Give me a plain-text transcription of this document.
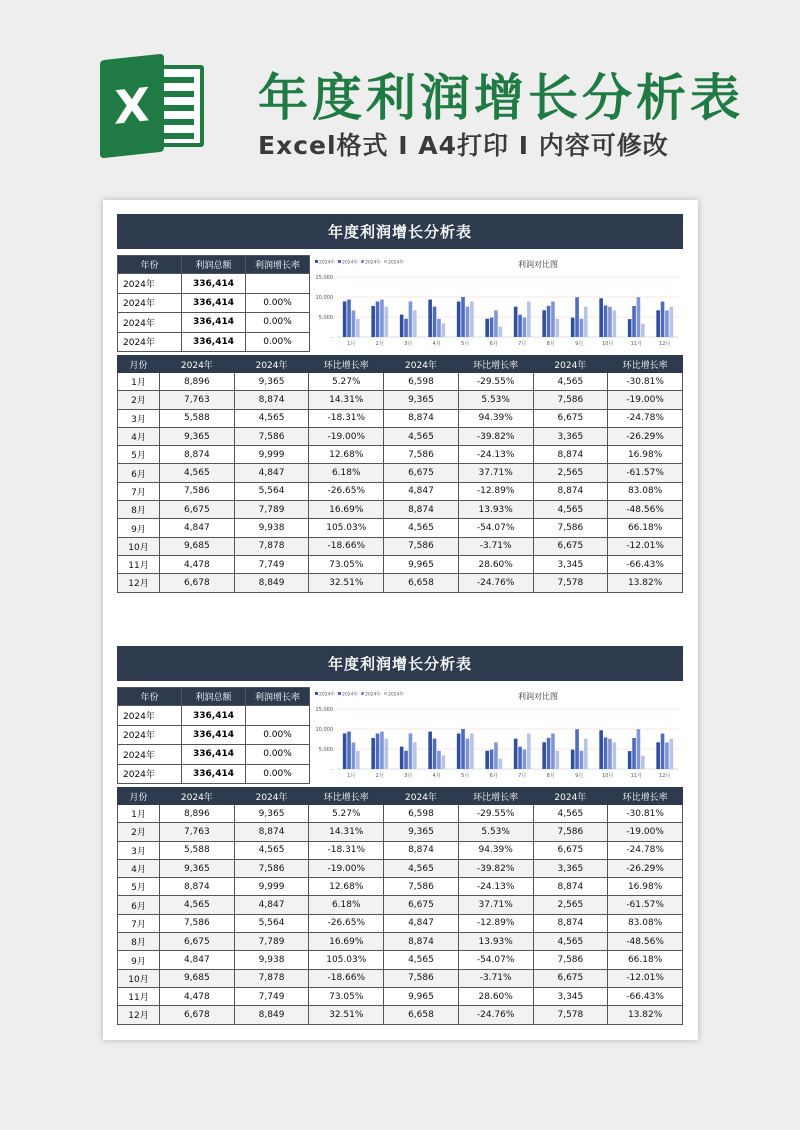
X 年度利润增长分析表
Excel格式 I A4打印 I 内容可修改
年度利润增长分析表
年份	利润总额	利润增长率
2024年	336,414	
2024年	336,414	0.00%
2024年	336,414	0.00%
2024年	336,414	0.00%
利润对比图
2024年 2024年 2024年 2024年
15,000
10,000
5,000
-
1月	2月	3月	4月	5月	6月	7月	8月	9月	10月	11月	12月
月份	2024年	2024年	环比增长率	2024年	环比增长率	2024年	环比增长率
1月	8,896	9,365	5.27%	6,598	-29.55%	4,565	-30.81%
2月	7,763	8,874	14.31%	9,365	5.53%	7,586	-19.00%
3月	5,588	4,565	-18.31%	8,874	94.39%	6,675	-24.78%
4月	9,365	7,586	-19.00%	4,565	-39.82%	3,365	-26.29%
5月	8,874	9,999	12.68%	7,586	-24.13%	8,874	16.98%
6月	4,565	4,847	6.18%	6,675	37.71%	2,565	-61.57%
7月	7,586	5,564	-26.65%	4,847	-12.89%	8,874	83.08%
8月	6,675	7,789	16.69%	8,874	13.93%	4,565	-48.56%
9月	4,847	9,938	105.03%	4,565	-54.07%	7,586	66.18%
10月	9,685	7,878	-18.66%	7,586	-3.71%	6,675	-12.01%
11月	4,478	7,749	73.05%	9,965	28.60%	3,345	-66.43%
12月	6,678	8,849	32.51%	6,658	-24.76%	7,578	13.82%
年度利润增长分析表
年份	利润总额	利润增长率
2024年	336,414	
2024年	336,414	0.00%
2024年	336,414	0.00%
2024年	336,414	0.00%
利润对比图
2024年 2024年 2024年 2024年
15,000
10,000
5,000
-
1月	2月	3月	4月	5月	6月	7月	8月	9月	10月	11月	12月
月份	2024年	2024年	环比增长率	2024年	环比增长率	2024年	环比增长率
1月	8,896	9,365	5.27%	6,598	-29.55%	4,565	-30.81%
2月	7,763	8,874	14.31%	9,365	5.53%	7,586	-19.00%
3月	5,588	4,565	-18.31%	8,874	94.39%	6,675	-24.78%
4月	9,365	7,586	-19.00%	4,565	-39.82%	3,365	-26.29%
5月	8,874	9,999	12.68%	7,586	-24.13%	8,874	16.98%
6月	4,565	4,847	6.18%	6,675	37.71%	2,565	-61.57%
7月	7,586	5,564	-26.65%	4,847	-12.89%	8,874	83.08%
8月	6,675	7,789	16.69%	8,874	13.93%	4,565	-48.56%
9月	4,847	9,938	105.03%	4,565	-54.07%	7,586	66.18%
10月	9,685	7,878	-18.66%	7,586	-3.71%	6,675	-12.01%
11月	4,478	7,749	73.05%	9,965	28.60%	3,345	-66.43%
12月	6,678	8,849	32.51%	6,658	-24.76%	7,578	13.82%
